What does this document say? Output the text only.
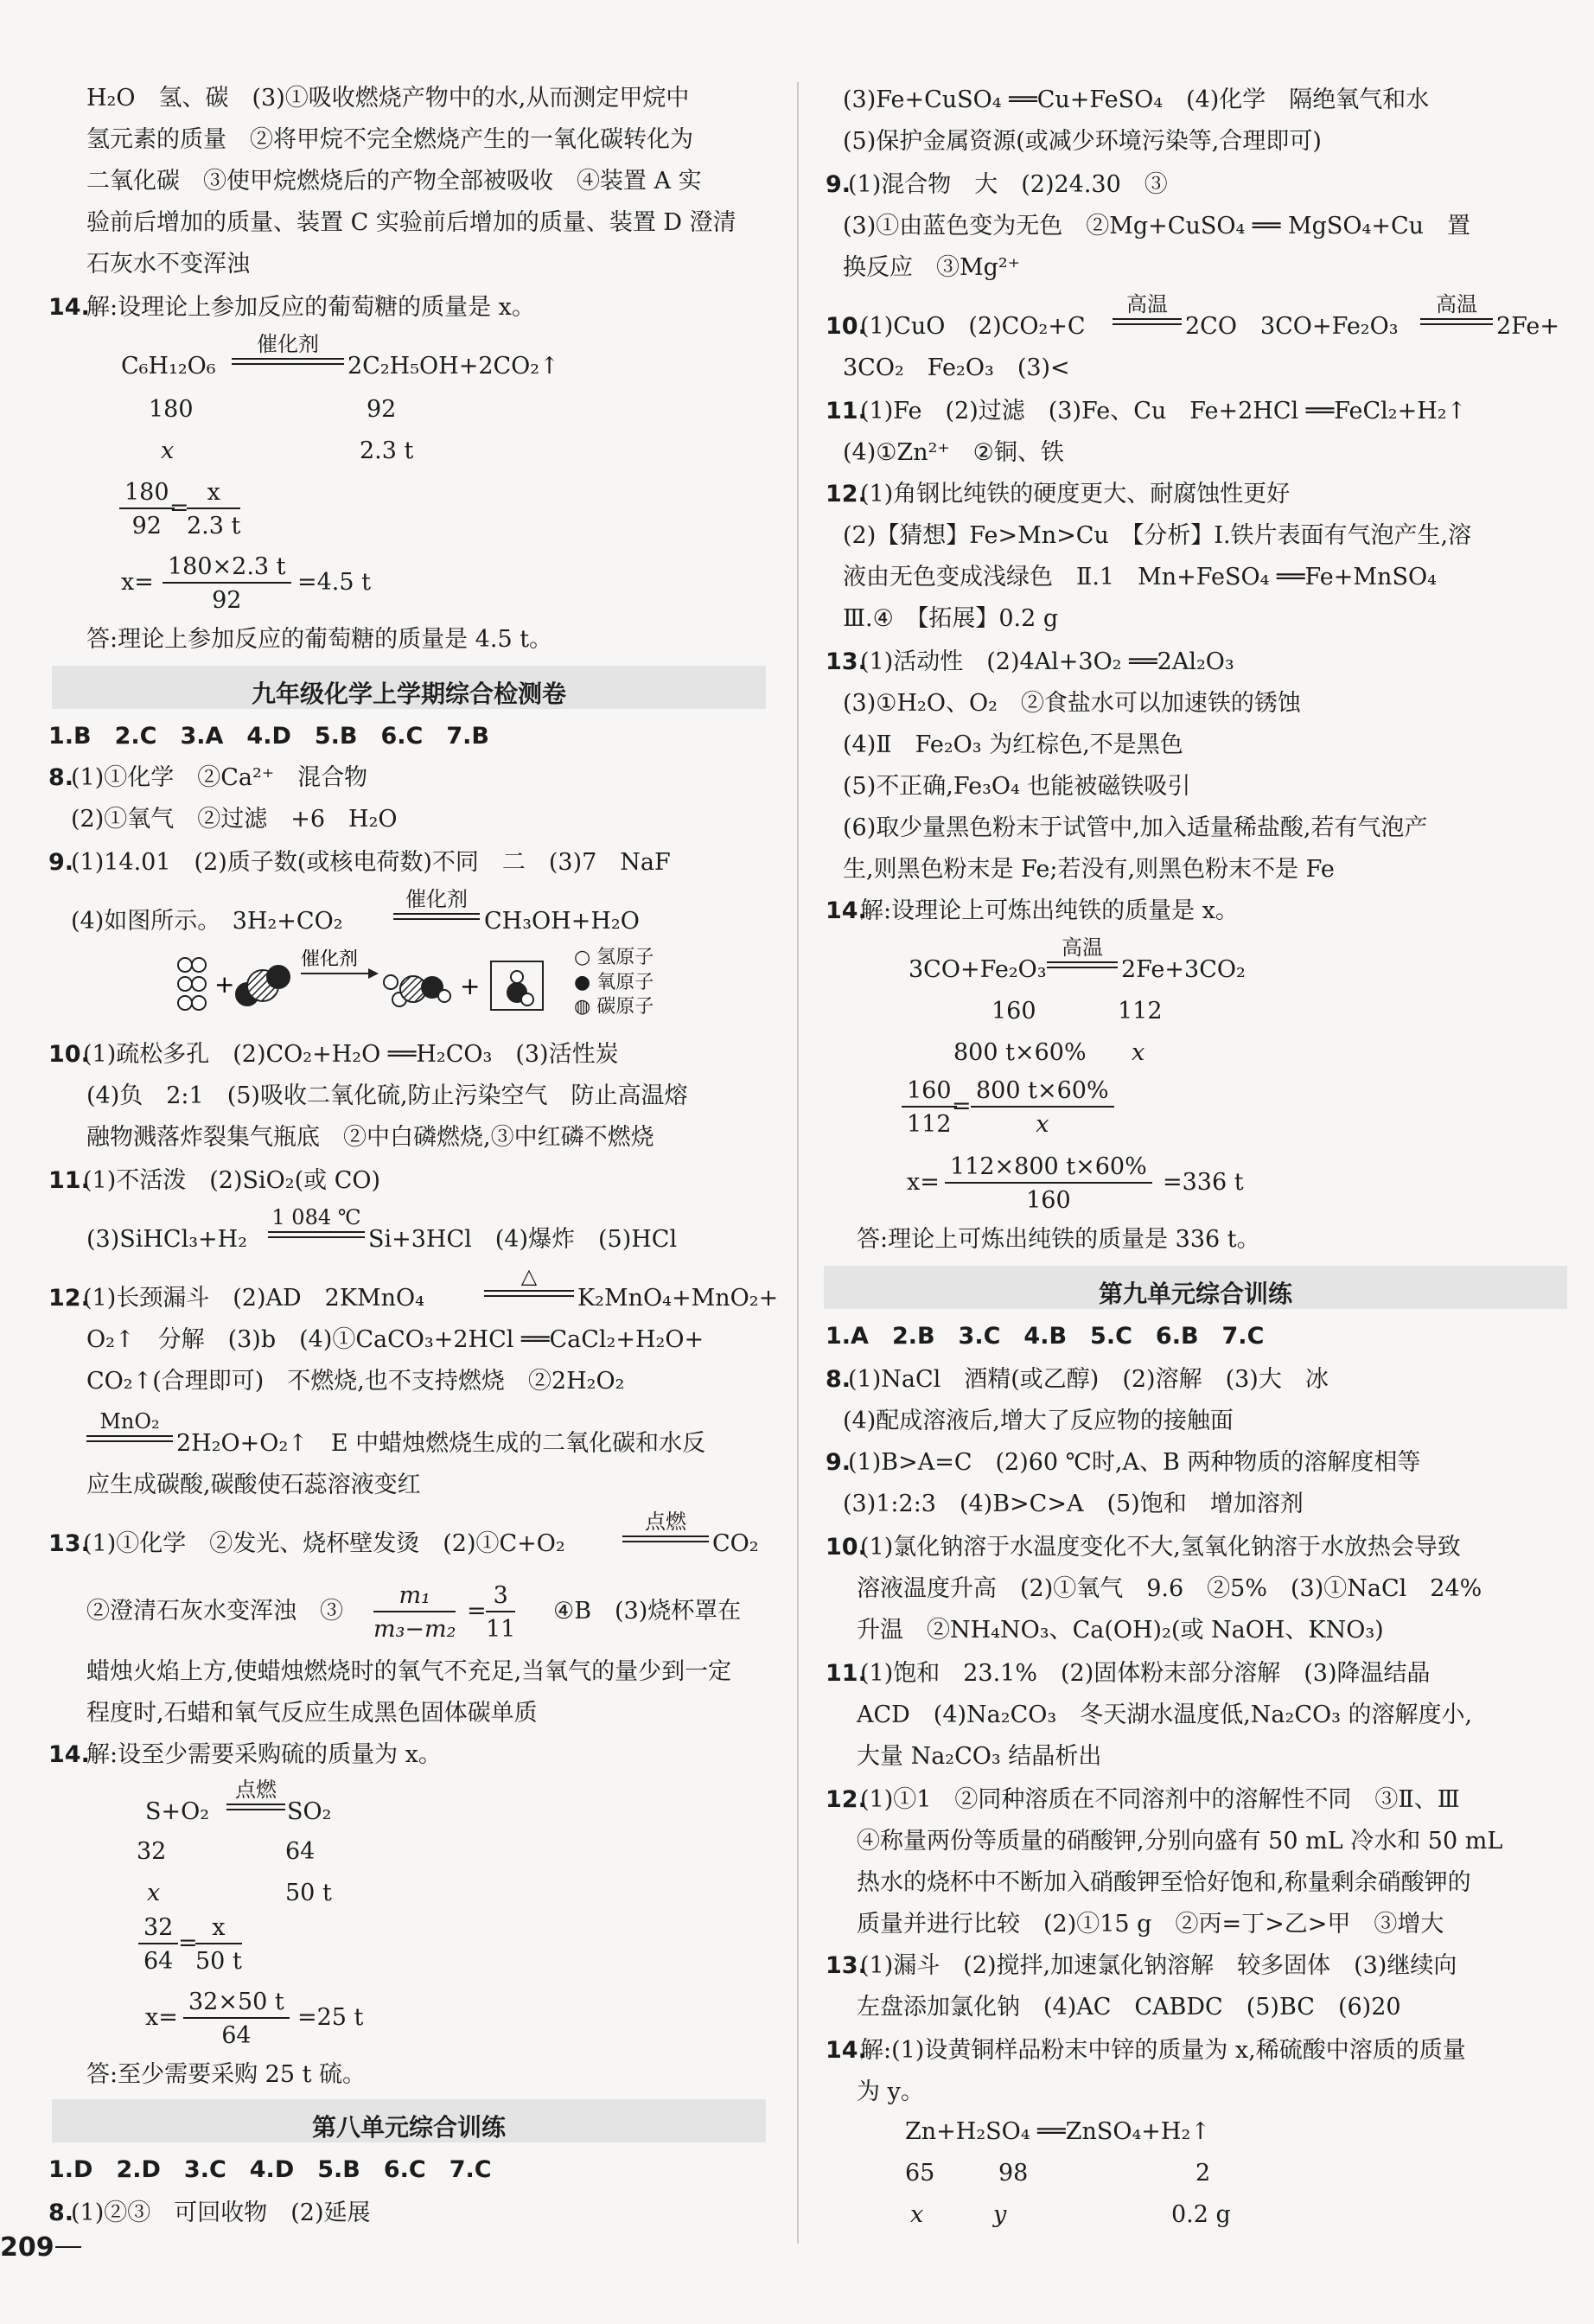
H₂O　氢、碳　(3)①吸收燃烧产物中的水,从而测定甲烷中
氢元素的质量　②将甲烷不完全燃烧产生的一氧化碳转化为
二氧化碳　③使甲烷燃烧后的产物全部被吸收　④装置 A 实
验前后增加的质量、装置 C 实验前后增加的质量、装置 D 澄清
石灰水不变浑浊
14.
解:设理论上参加反应的葡萄糖的质量是 x。
C₆H₁₂O₆
催化剂
2C₂H₅OH+2CO₂↑
180	92
x	2.3 t
$\frac{180}{92}$
=
$\frac{x}{2.3 t}$
$x= \frac{180\times 2.3 t}{92} =4.5$ t
答:理论上参加反应的葡萄糖的质量是 4.5 t。
九年级化学上学期综合检测卷
1.B　2.C　3.A　4.D　5.B　6.C　7.B
8.
(1)①化学　②Ca²⁺　混合物
(2)①氧气　②过滤　+6　H₂O
9.
(1)14.01　(2)质子数(或核电荷数)不同　二　(3)7　NaF
(4)如图所示。　3H₂+CO₂
催化剂
CH₃OH+H₂O
+
催化剂
+
○ 氢原子
● 氧原子
◍ 碳原子
10.
(1)疏松多孔　(2)CO₂+H₂O ══H₂CO₃　(3)活性炭
(4)负　2:1　(5)吸收二氧化硫,防止污染空气　防止高温熔
融物溅落炸裂集气瓶底　②中白磷燃烧,③中红磷不燃烧
11.
(1)不活泼　(2)SiO₂(或 CO)
(3)SiHCl₃+H₂
1 084 ℃
Si+3HCl　(4)爆炸　(5)HCl
12.
(1)长颈漏斗　(2)AD　2KMnO₄
△
K₂MnO₄+MnO₂+
O₂↑　分解　(3)b　(4)①CaCO₃+2HCl ══CaCl₂+H₂O+
CO₂↑(合理即可)　不燃烧,也不支持燃烧　②2H₂O₂
MnO₂
2H₂O+O₂↑　E 中蜡烛燃烧生成的二氧化碳和水反
应生成碳酸,碳酸使石蕊溶液变红
13.
(1)①化学　②发光、烧杯壁发烫　(2)①C+O₂
点燃
CO₂
②澄清石灰水变浑浊　③ $\frac{\text{m₁}}{\text{m₃−m₂}} = \frac{3}{11}$ ④B　(3)烧杯罩在
蜡烛火焰上方,使蜡烛燃烧时的氧气不充足,当氧气的量少到一定
程度时,石蜡和氧气反应生成黑色固体碳单质
14.
解:设至少需要采购硫的质量为 x。
S+O₂
点燃
SO₂
32	64
x	50 t
$\frac{32}{64}$ =
$\frac{x}{50 t}$
$x= \frac{32\times 50 t}{64} =25$ t
答:至少需要采购 25 t 硫。
第八单元综合训练
1.D　2.D　3.C　4.D　5.B　6.C　7.C
8.
(1)②③　可回收物　(2)延展
(3)Fe+CuSO₄ ══Cu+FeSO₄　(4)化学　隔绝氧气和水
(5)保护金属资源(或减少环境污染等,合理即可)
9.
(1)混合物　大　(2)24.30　③
(3)①由蓝色变为无色　②Mg+CuSO₄ ══ MgSO₄+Cu　置
换反应　③Mg²⁺
10.
(1)CuO　(2)CO₂+C
高温
2CO　3CO+Fe₂O₃
高温
2Fe+
3CO₂　Fe₂O₃　(3)<
11.
(1)Fe　(2)过滤　(3)Fe、Cu　Fe+2HCl ══FeCl₂+H₂↑
(4)①Zn²⁺　②铜、铁
12.
(1)角钢比纯铁的硬度更大、耐腐蚀性更好
(2)【猜想】Fe>Mn>Cu　【分析】Ⅰ.铁片表面有气泡产生,溶
液由无色变成浅绿色　Ⅱ.1　Mn+FeSO₄ ══Fe+MnSO₄
Ⅲ.④　【拓展】0.2 g
13.
(1)活动性　(2)4Al+3O₂ ══2Al₂O₃
(3)①H₂O、O₂　②食盐水可以加速铁的锈蚀
(4)Ⅱ　Fe₂O₃ 为红棕色,不是黑色
(5)不正确,Fe₃O₄ 也能被磁铁吸引
(6)取少量黑色粉末于试管中,加入适量稀盐酸,若有气泡产
生,则黑色粉末是 Fe;若没有,则黑色粉末不是 Fe
14.
解:设理论上可炼出纯铁的质量是 x。
3CO+Fe₂O₃
高温
2Fe+3CO₂
160	112
800 t×60% x
$\frac{160}{112}$
= $\frac{800 t\times 60\%}{x}$
$x= \frac{112\times 800 t\times 60\%}{160} =336$ t
答:理论上可炼出纯铁的质量是 336 t。
第九单元综合训练
1.A　2.B　3.C　4.B　5.C　6.B　7.C
8.
(1)NaCl　酒精(或乙醇)　(2)溶解　(3)大　冰
(4)配成溶液后,增大了反应物的接触面
9.
(1)B>A=C　(2)60 ℃时,A、B 两种物质的溶解度相等
(3)1:2:3　(4)B>C>A　(5)饱和　增加溶剂
10.
(1)氯化钠溶于水温度变化不大,氢氧化钠溶于水放热会导致
溶液温度升高　(2)①氧气　9.6　②5%　(3)①NaCl　24%
升温　②NH₄NO₃、Ca(OH)₂(或 NaOH、KNO₃)
11.
(1)饱和　23.1%　(2)固体粉末部分溶解　(3)降温结晶
ACD　(4)Na₂CO₃　冬天湖水温度低,Na₂CO₃ 的溶解度小,
大量 Na₂CO₃ 结晶析出
12.
(1)①1　②同种溶质在不同溶剂中的溶解性不同　③Ⅱ、Ⅲ
④称量两份等质量的硝酸钾,分别向盛有 50 mL 冷水和 50 mL
热水的烧杯中不断加入硝酸钾至恰好饱和,称量剩余硝酸钾的
质量并进行比较　(2)①15 g　②丙=丁>乙>甲　③增大
13.
(1)漏斗　(2)搅拌,加速氯化钠溶解　较多固体　(3)继续向
左盘添加氯化钠　(4)AC　CABDC　(5)BC　(6)20
14.
解:(1)设黄铜样品粉末中锌的质量为 x,稀硫酸中溶质的质量
为 y。
Zn+H₂SO₄ ══ZnSO₄+H₂↑
65	98	2
x	y	0.2 g
209
